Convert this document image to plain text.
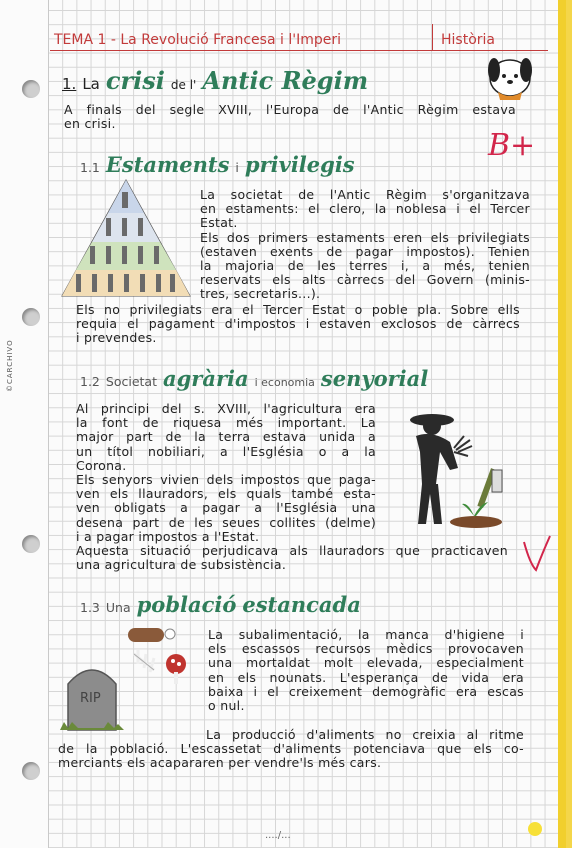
©CARCHIVO
TEMA 1 - La Revolució Francesa i l'Imperi	Història
1. La crisi de l' Antic Règim
A finals del segle XVIII, l'Europa de l'Antic Règim estava
en crisi.
B+
1.1 Estaments i privilegis
La societat de l'Antic Règim s'organitzava
en estaments: el clero, la noblesa i el Tercer
Estat.
Els dos primers estaments eren els privilegiats
(estaven exents de pagar impostos). Tenien
la majoria de les terres i, a més, tenien
reservats els alts càrrecs del Govern (minis-
tres, secretaris...).
Els no privilegiats era el Tercer Estat o poble pla. Sobre ells
requia el pagament d'impostos i estaven exclosos de càrrecs
i prevendes.
1.2 Societat agrària i economia senyorial
Al principi del s. XVIII, l'agricultura era
la font de riquesa més important. La
major part de la terra estava unida a
un títol nobiliari, a l'Església o a la
Corona.
Els senyors vivien dels impostos que paga-
ven els llauradors, els quals també esta-
ven obligats a pagar a l'Església una
desena part de les seues collites (delme)
i a pagar impostos a l'Estat.
Aquesta situació perjudicava als llauradors que practicaven
una agricultura de subsistència.
1.3 Una població estancada
RIP
La subalimentació, la manca d'higiene i
els escassos recursos mèdics provocaven
una mortaldat molt elevada, especialment
en els nounats. L'esperança de vida era
baixa i el creixement demogràfic era escas
o nul.
La producció d'aliments no creixia al ritme
de la població. L'escassetat d'aliments potenciava que els co-
merciants els acapararen per vendre'ls més cars.
..../...
